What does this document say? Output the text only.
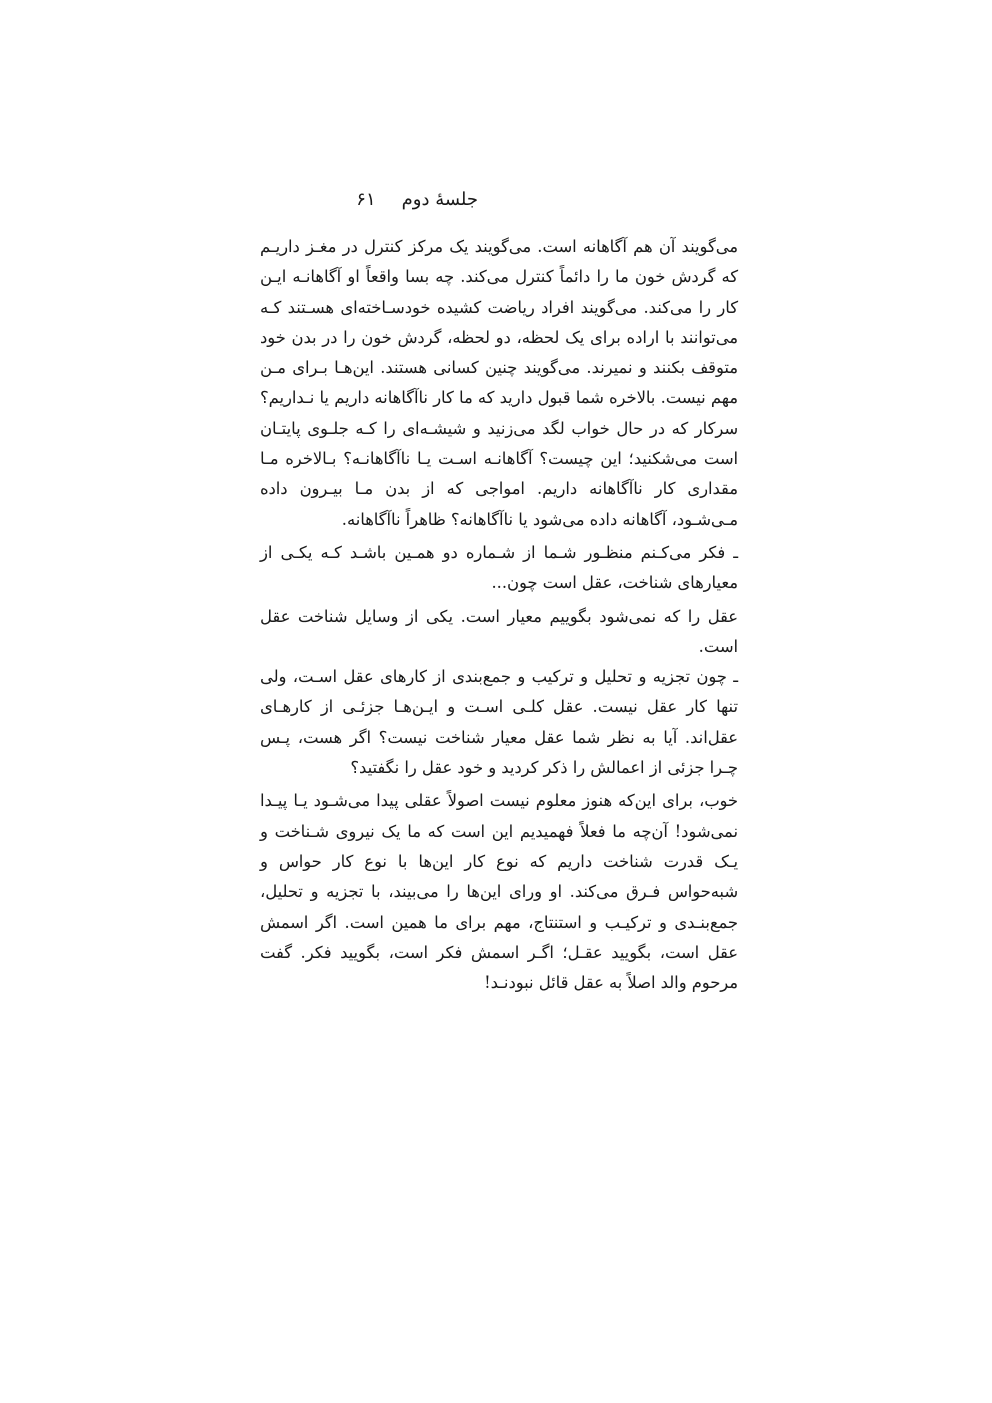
جلسهٔ دوم
۶۱

می‌گویند آن هم آگاهانه است. می‌گویند یک مرکز کنترل در مغـز داریـم که گردش خون ما را دائماً کنترل می‌کند. چه بسا واقعاً او آگاهانـه ایـن کار را می‌کند. می‌گویند افراد ریاضت کشیده خودسـاخته‌ای هسـتند کـه می‌توانند با اراده برای یک لحظه، دو لحظه، گردش خون را در بدن خود متوقف بکنند و نمیرند. می‌گویند چنین کسانی هستند. این‌هـا بـرای مـن مهم نیست. بالاخره شما قبول دارید که ما کار ناآگاهانه داریم یا نـداریم؟ سرکار که در حال خواب لگد می‌زنید و شیشـه‌ای را کـه جلـوی پایتـان است می‌شکنید؛ این چیست؟ آگاهانـه اسـت یـا ناآگاهانـه؟ بـالاخره مـا مقداری کار ناآگاهانه داریم. امواجی که از بدن مـا بیـرون داده مـی‌شـود، آگاهانه داده می‌شود یا ناآگاهانه؟ ظاهراً ناآگاهانه.

ـ فکر می‌کـنم منظـور شـما از شـماره دو همـین باشـد کـه یکـی از معیارهای شناخت، عقل است چون...

عقل را که نمی‌شود بگوییم معیار است. یکی از وسایل شناخت عقل است.

ـ چون تجزیه و تحلیل و ترکیب و جمع‌بندی از کارهای عقل اسـت، ولی تنها کار عقل نیست. عقل کلـی اسـت و ایـن‌هـا جزئـی از کارهـای عقل‌اند. آیا به نظر شما عقل معیار شناخت نیست؟ اگر هست، پـس چـرا جزئی از اعمالش را ذکر کردید و خود عقل را نگفتید؟

خوب، برای این‌که هنوز معلوم نیست اصولاً عقلی پیدا می‌شـود یـا پیـدا نمی‌شود! آن‌چه ما فعلاً فهمیدیم این است که ما یک نیروی شـناخت و یـک قدرت شناخت داریم که نوع کار این‌ها با نوع کار حواس و شبه‌حواس فـرق می‌کند. او ورای این‌ها را می‌بیند، با تجزیه و تحلیل، جمع‌بنـدی و ترکیـب و استنتاج، مهم برای ما همین است. اگر اسمش عقل است، بگویید عقـل؛ اگـر اسمش فکر است، بگویید فکر. گفت مرحوم والد اصلاً به عقل قائل نبودنـد!
